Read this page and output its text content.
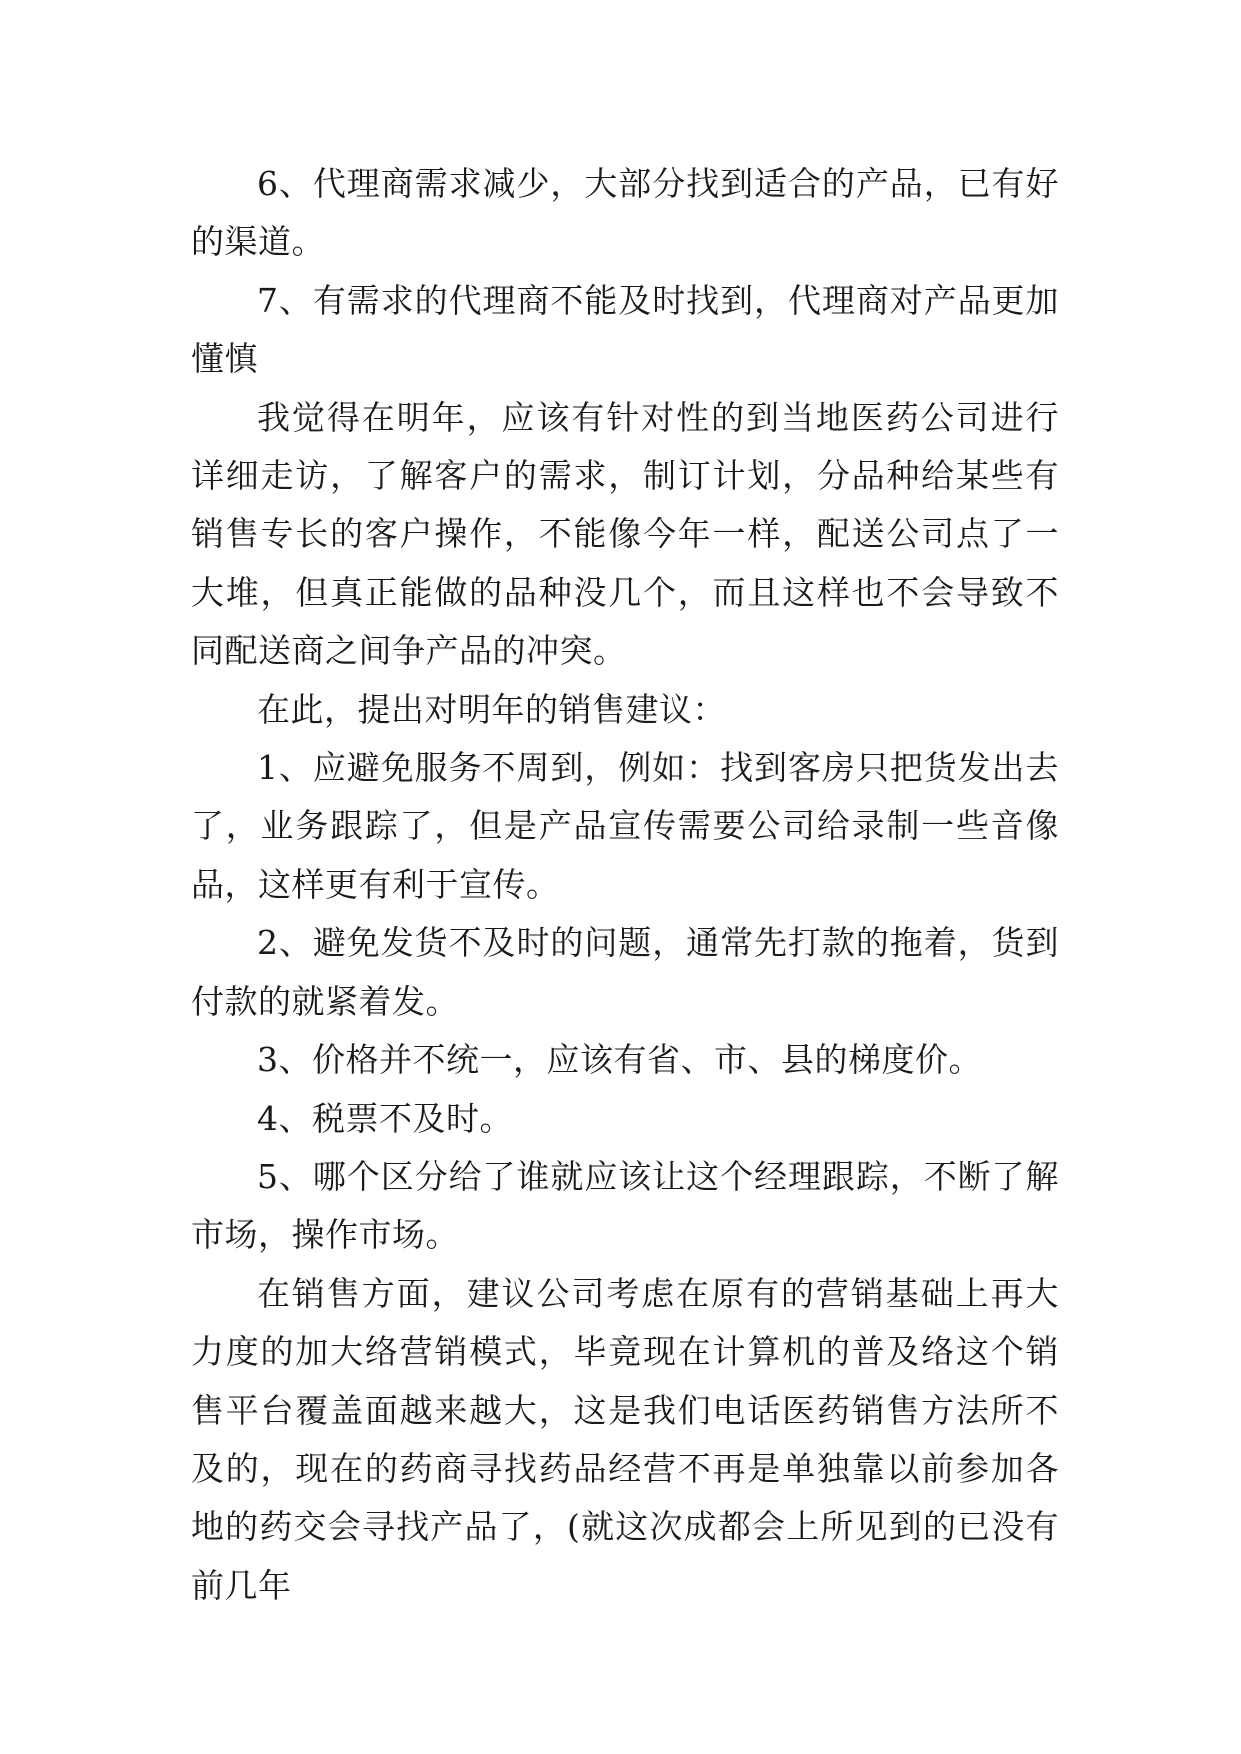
6、代理商需求减少，大部分找到适合的产品，已有好的渠道。

7、有需求的代理商不能及时找到，代理商对产品更加懂慎

我觉得在明年，应该有针对性的到当地医药公司进行详细走访，了解客户的需求，制订计划，分品种给某些有销售专长的客户操作，不能像今年一样，配送公司点了一大堆，但真正能做的品种没几个，而且这样也不会导致不同配送商之间争产品的冲突。

在此，提出对明年的销售建议：

1、应避免服务不周到，例如：找到客房只把货发出去了，业务跟踪了，但是产品宣传需要公司给录制一些音像品，这样更有利于宣传。

2、避免发货不及时的问题，通常先打款的拖着，货到付款的就紧着发。

3、价格并不统一，应该有省、市、县的梯度价。

4、税票不及时。

5、哪个区分给了谁就应该让这个经理跟踪，不断了解市场，操作市场。

在销售方面，建议公司考虑在原有的营销基础上再大力度的加大络营销模式，毕竟现在计算机的普及络这个销售平台覆盖面越来越大，这是我们电话医药销售方法所不及的，现在的药商寻找药品经营不再是单独靠以前参加各地的药交会寻找产品了，(就这次成都会上所见到的已没有前几年
